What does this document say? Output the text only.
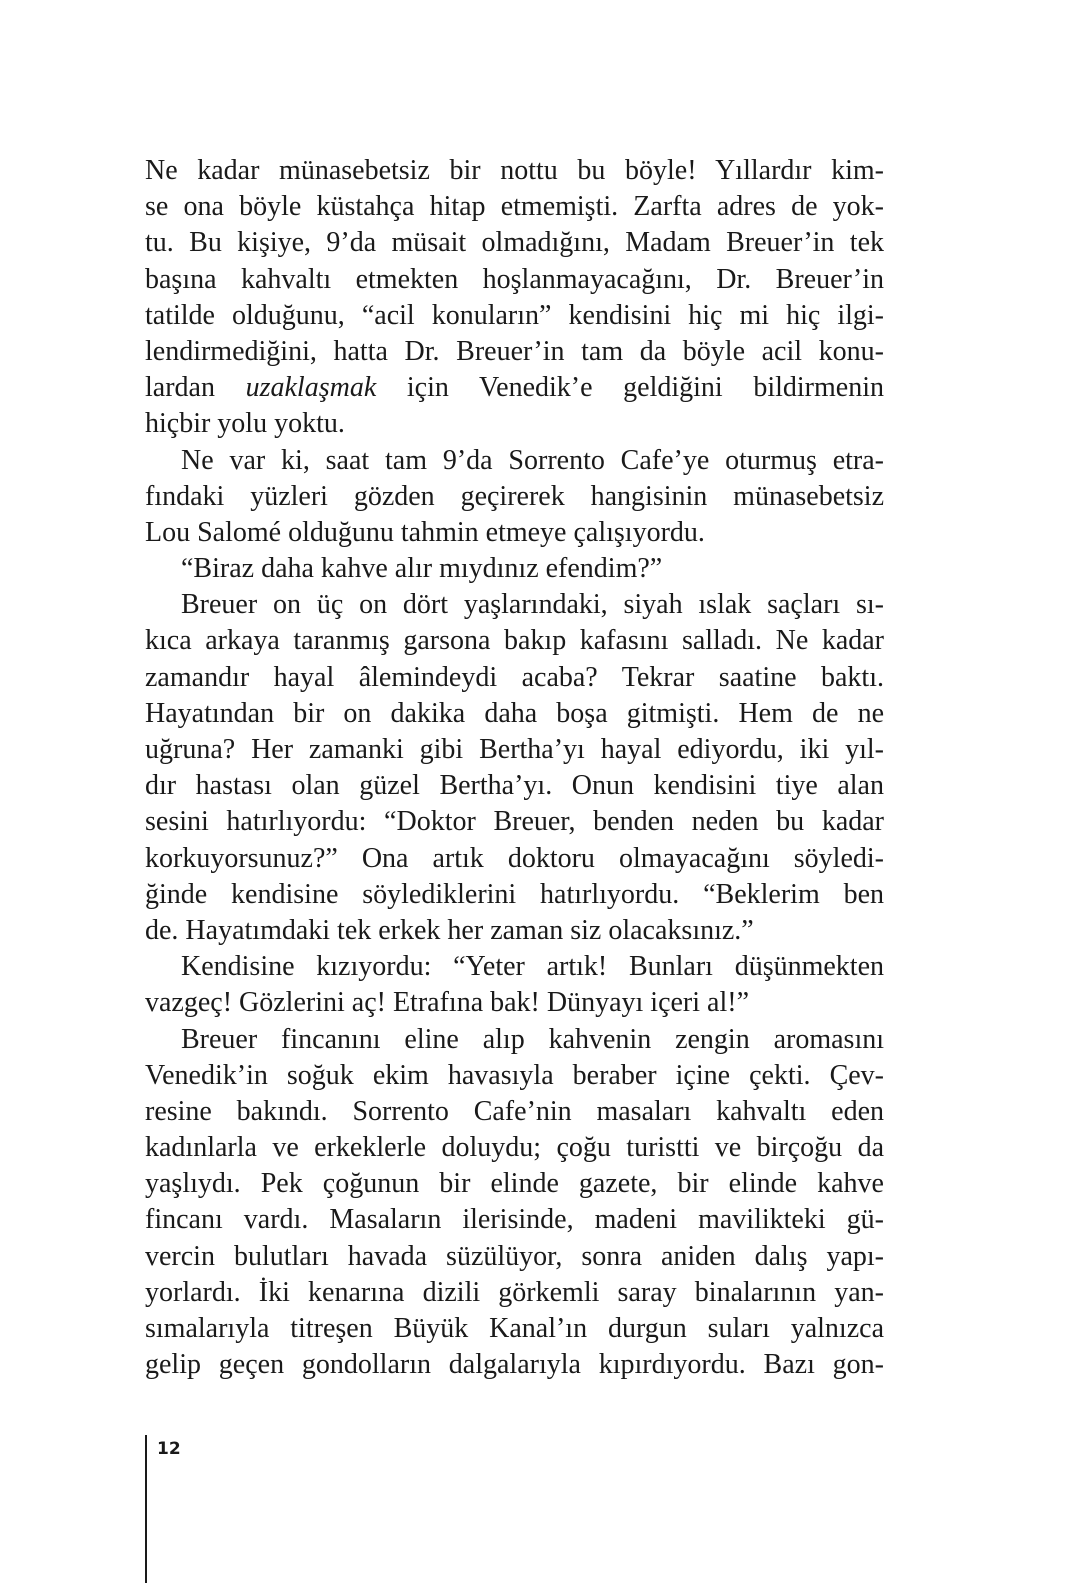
Ne kadar münasebetsiz bir nottu bu böyle! Yıllardır kim-
se ona böyle küstahça hitap etmemişti. Zarfta adres de yok-
tu. Bu kişiye, 9’da müsait olmadığını, Madam Breuer’in tek
başına kahvaltı etmekten hoşlanmayacağını, Dr. Breuer’in
tatilde olduğunu, “acil konuların” kendisini hiç mi hiç ilgi-
lendirmediğini, hatta Dr. Breuer’in tam da böyle acil konu-
lardan uzaklaşmak için Venedik’e geldiğini bildirmenin
hiçbir yolu yoktu.
Ne var ki, saat tam 9’da Sorrento Cafe’ye oturmuş etra-
fındaki yüzleri gözden geçirerek hangisinin münasebetsiz
Lou Salomé olduğunu tahmin etmeye çalışıyordu.
“Biraz daha kahve alır mıydınız efendim?”
Breuer on üç on dört yaşlarındaki, siyah ıslak saçları sı-
kıca arkaya taranmış garsona bakıp kafasını salladı. Ne kadar
zamandır hayal âlemindeydi acaba? Tekrar saatine baktı.
Hayatından bir on dakika daha boşa gitmişti. Hem de ne
uğruna? Her zamanki gibi Bertha’yı hayal ediyordu, iki yıl-
dır hastası olan güzel Bertha’yı. Onun kendisini tiye alan
sesini hatırlıyordu: “Doktor Breuer, benden neden bu kadar
korkuyorsunuz?” Ona artık doktoru olmayacağını söyledi-
ğinde kendisine söylediklerini hatırlıyordu. “Beklerim ben
de. Hayatımdaki tek erkek her zaman siz olacaksınız.”
Kendisine kızıyordu: “Yeter artık! Bunları düşünmekten
vazgeç! Gözlerini aç! Etrafına bak! Dünyayı içeri al!”
Breuer fincanını eline alıp kahvenin zengin aromasını
Venedik’in soğuk ekim havasıyla beraber içine çekti. Çev-
resine bakındı. Sorrento Cafe’nin masaları kahvaltı eden
kadınlarla ve erkeklerle doluydu; çoğu turistti ve birçoğu da
yaşlıydı. Pek çoğunun bir elinde gazete, bir elinde kahve
fincanı vardı. Masaların ilerisinde, madeni mavilikteki gü-
vercin bulutları havada süzülüyor, sonra aniden dalış yapı-
yorlardı. İki kenarına dizili görkemli saray binalarının yan-
sımalarıyla titreşen Büyük Kanal’ın durgun suları yalnızca
gelip geçen gondolların dalgalarıyla kıpırdıyordu. Bazı gon-
12
